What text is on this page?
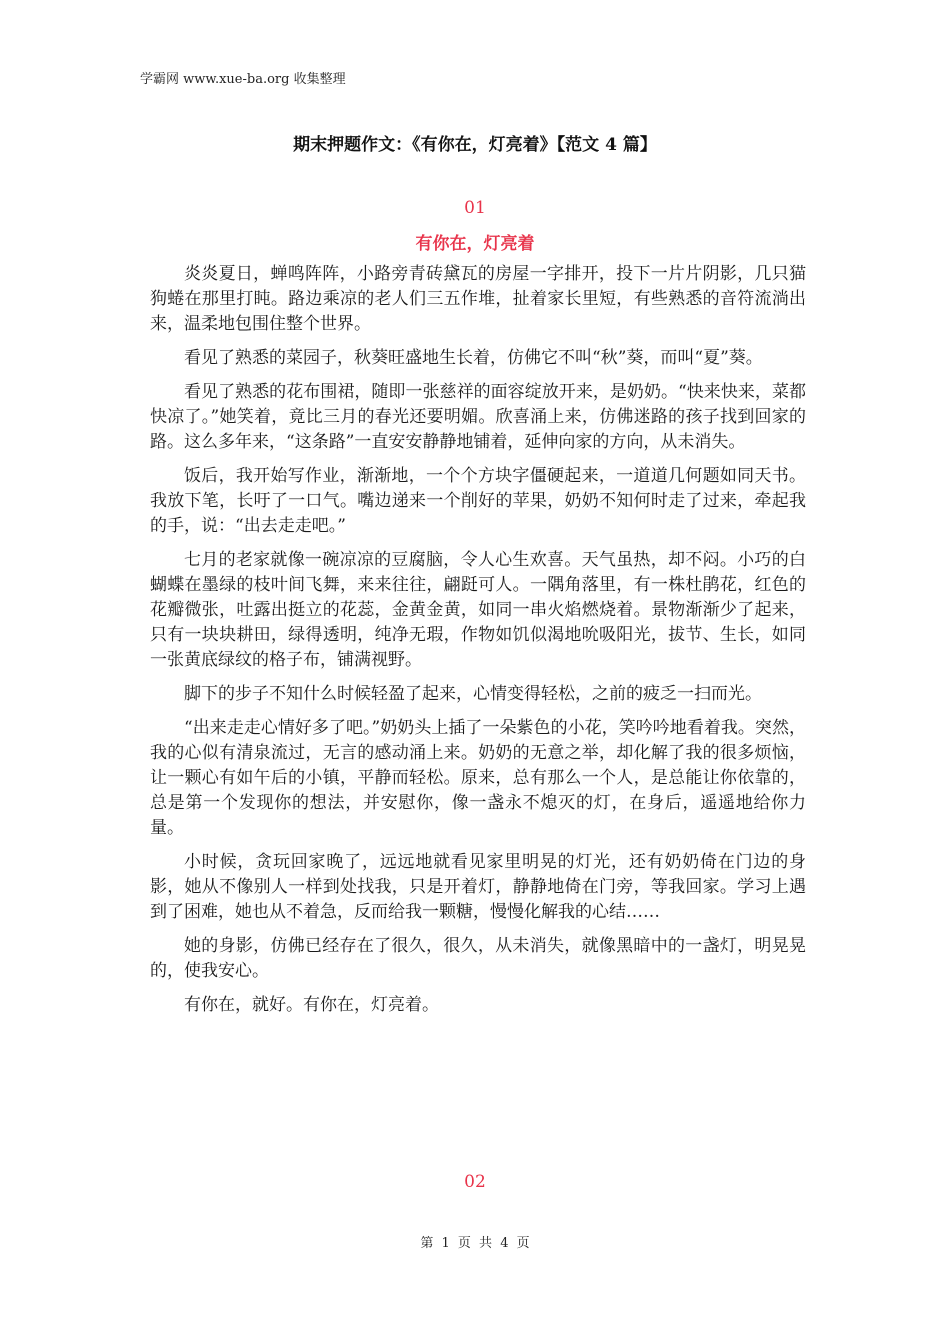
学霸网 www.xue-ba.org 收集整理
期末押题作文：《有你在，灯亮着》【范文 4 篇】
01
有你在，灯亮着

炎炎夏日，蝉鸣阵阵，小路旁青砖黛瓦的房屋一字排开，投下一片片阴影，几只猫狗蜷在那里打盹。路边乘凉的老人们三五作堆，扯着家长里短，有些熟悉的音符流淌出来，温柔地包围住整个世界。

看见了熟悉的菜园子，秋葵旺盛地生长着，仿佛它不叫“秋”葵，而叫“夏”葵。

看见了熟悉的花布围裙，随即一张慈祥的面容绽放开来，是奶奶。“快来快来，菜都快凉了。”她笑着，竟比三月的春光还要明媚。欣喜涌上来，仿佛迷路的孩子找到回家的路。这么多年来，“这条路”一直安安静静地铺着，延伸向家的方向，从未消失。

饭后，我开始写作业，渐渐地，一个个方块字僵硬起来，一道道几何题如同天书。我放下笔，长吁了一口气。嘴边递来一个削好的苹果，奶奶不知何时走了过来，牵起我的手，说：“出去走走吧。”

七月的老家就像一碗凉凉的豆腐脑，令人心生欢喜。天气虽热，却不闷。小巧的白蝴蝶在墨绿的枝叶间飞舞，来来往往，翩跹可人。一隅角落里，有一株杜鹃花，红色的花瓣微张，吐露出挺立的花蕊，金黄金黄，如同一串火焰燃烧着。景物渐渐少了起来，只有一块块耕田，绿得透明，纯净无瑕，作物如饥似渴地吮吸阳光，拔节、生长，如同一张黄底绿纹的格子布，铺满视野。

脚下的步子不知什么时候轻盈了起来，心情变得轻松，之前的疲乏一扫而光。

“出来走走心情好多了吧。”奶奶头上插了一朵紫色的小花，笑吟吟地看着我。突然，我的心似有清泉流过，无言的感动涌上来。奶奶的无意之举，却化解了我的很多烦恼，让一颗心有如午后的小镇，平静而轻松。原来，总有那么一个人，是总能让你依靠的，总是第一个发现你的想法，并安慰你，像一盏永不熄灭的灯，在身后，遥遥地给你力量。

小时候，贪玩回家晚了，远远地就看见家里明晃的灯光，还有奶奶倚在门边的身影，她从不像别人一样到处找我，只是开着灯，静静地倚在门旁，等我回家。学习上遇到了困难，她也从不着急，反而给我一颗糖，慢慢化解我的心结……

她的身影，仿佛已经存在了很久，很久，从未消失，就像黑暗中的一盏灯，明晃晃的，使我安心。

有你在，就好。有你在，灯亮着。

02
第 1 页 共 4 页
